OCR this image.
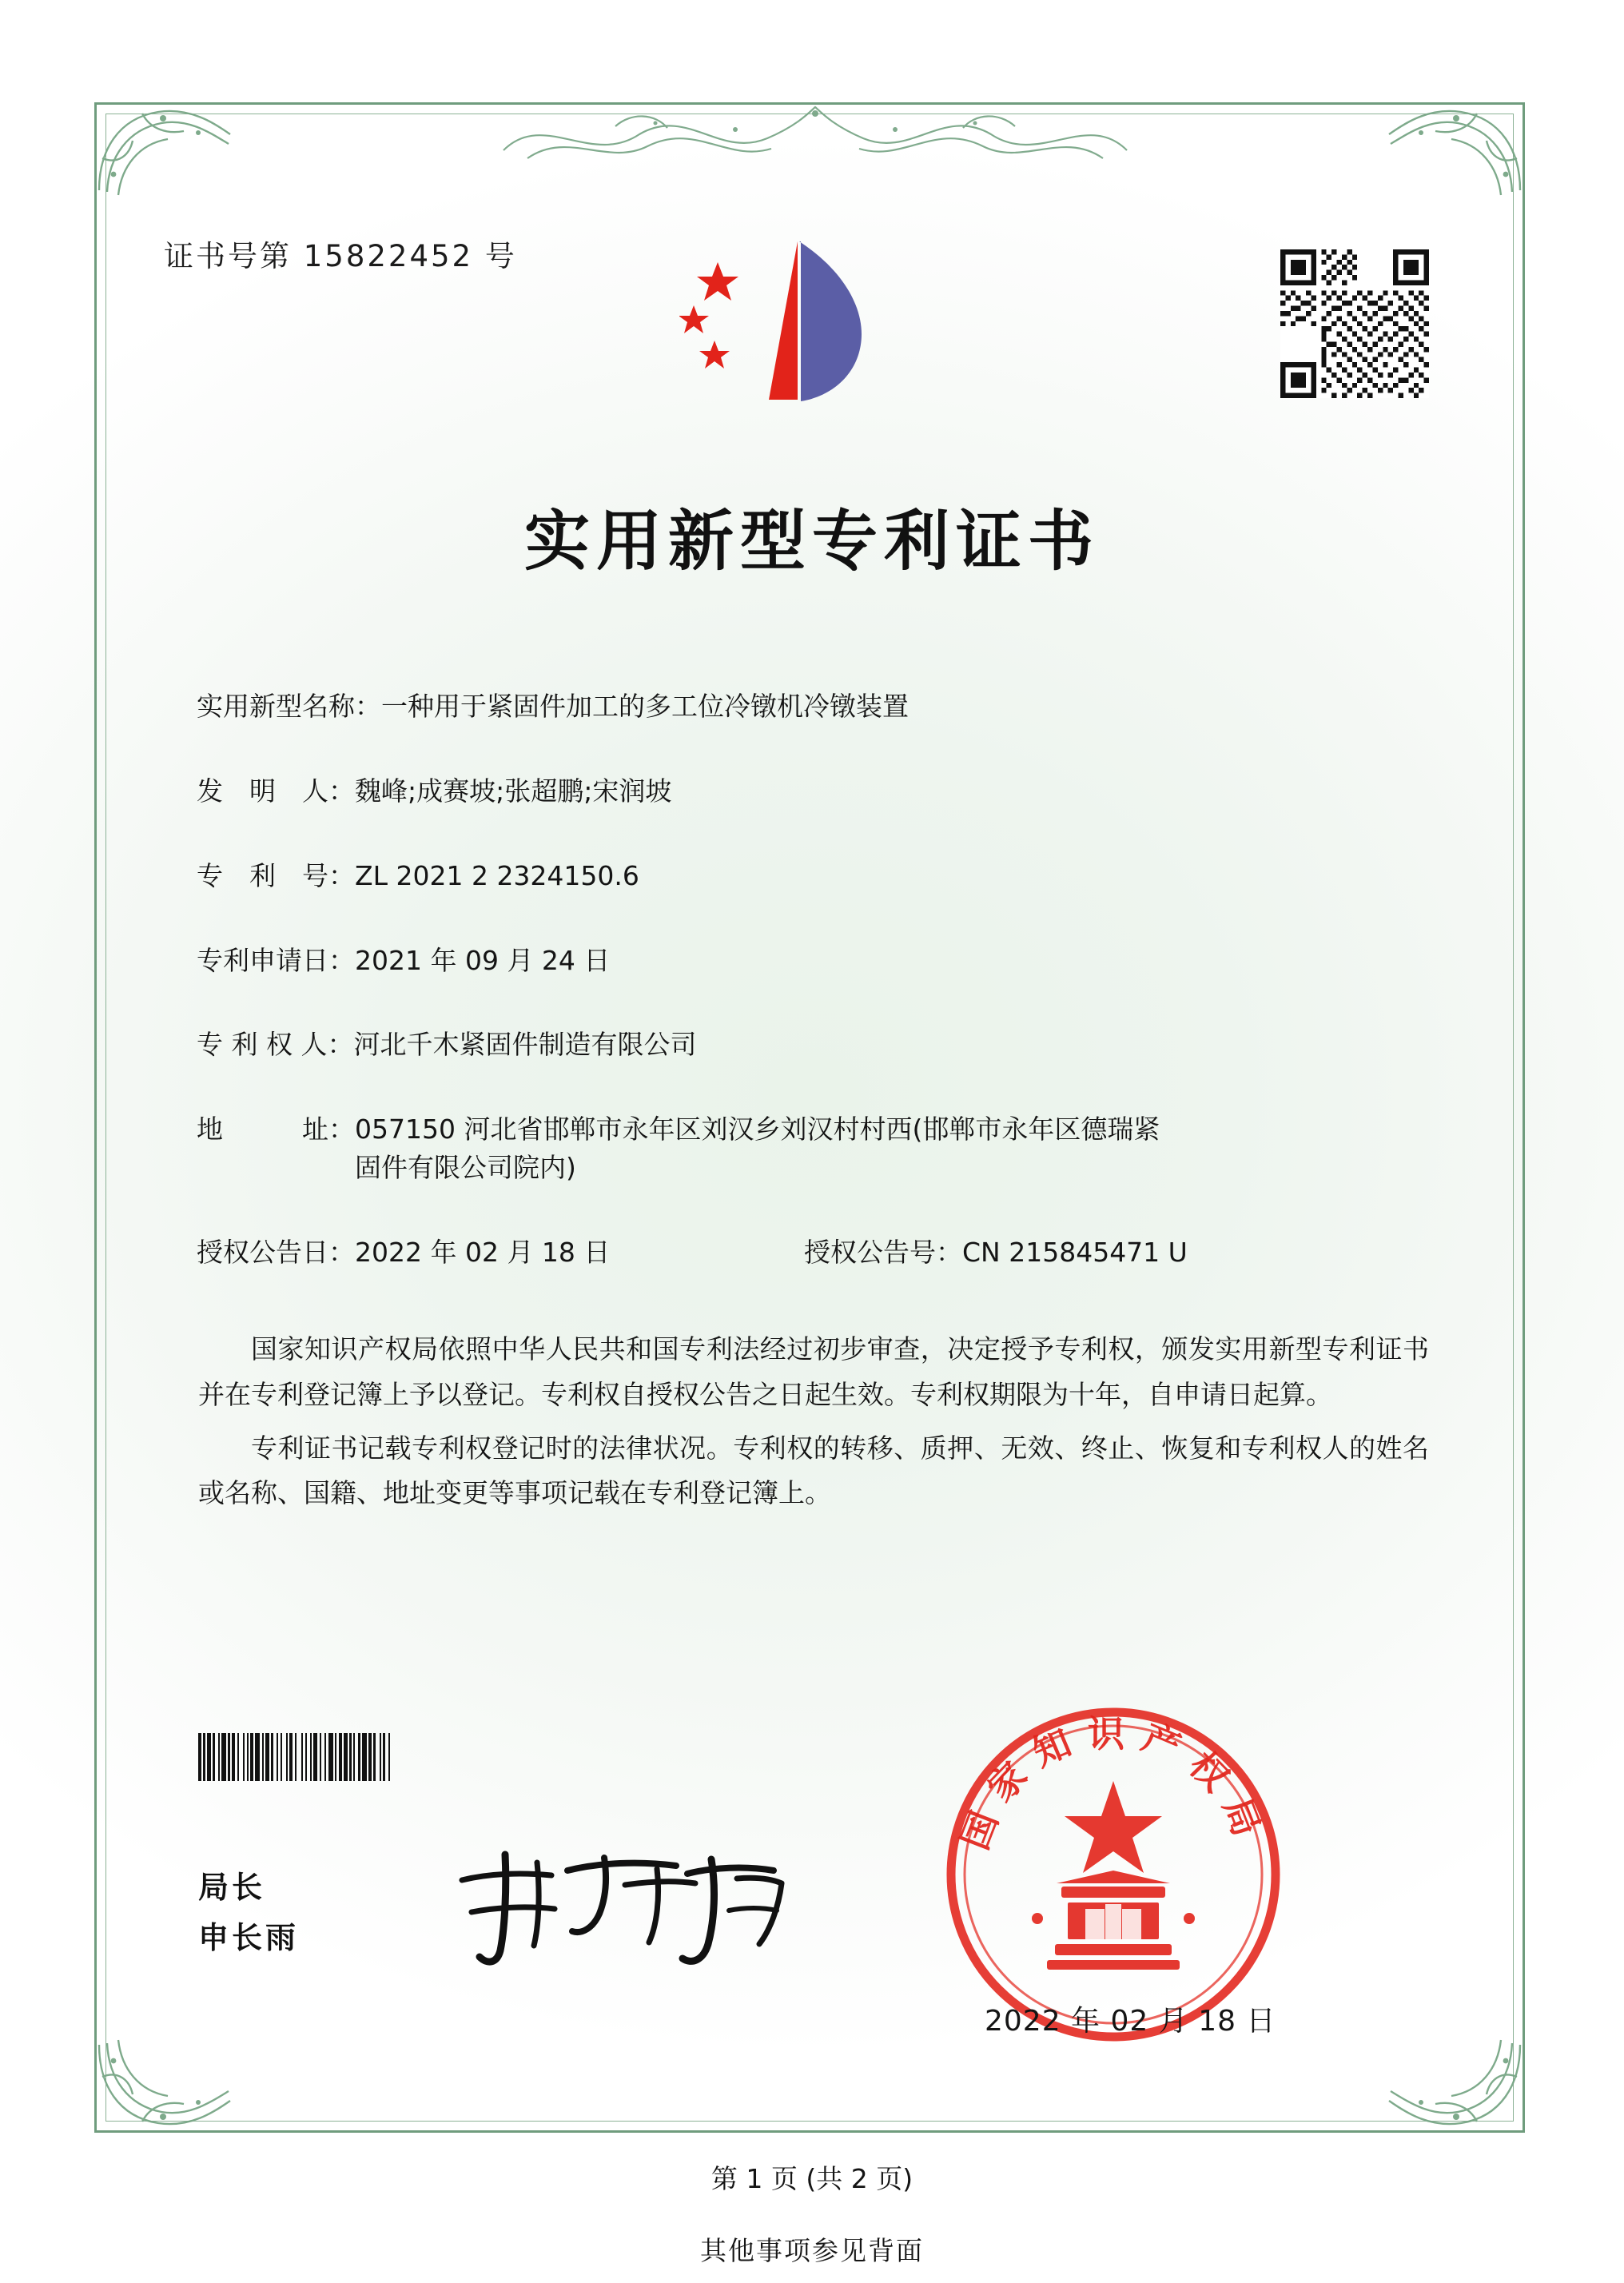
证书号第 15822452 号
实用新型专利证书
实用新型名称：一种用于紧固件加工的多工位冷镦机冷镦装置
发　明　人：魏峰;成赛坡;张超鹏;宋润坡
专　利　号：ZL 2021 2 2324150.6
专利申请日：2021 年 09 月 24 日
专 利 权 人：河北千木紧固件制造有限公司
地　　　址：057150 河北省邯郸市永年区刘汉乡刘汉村村西(邯郸市永年区德瑞紧固件有限公司院内)
授权公告日：2022 年 02 月 18 日	授权公告号：CN 215845471 U

国家知识产权局依照中华人民共和国专利法经过初步审查，决定授予专利权，颁发实用新型专利证书并在专利登记簿上予以登记。专利权自授权公告之日起生效。专利权期限为十年，自申请日起算。

专利证书记载专利权登记时的法律状况。专利权的转移、质押、无效、终止、恢复和专利权人的姓名或名称、国籍、地址变更等事项记载在专利登记簿上。

局长
申长雨
国家知识产权局
2022 年 02 月 18 日
第 1 页 (共 2 页)
其他事项参见背面
